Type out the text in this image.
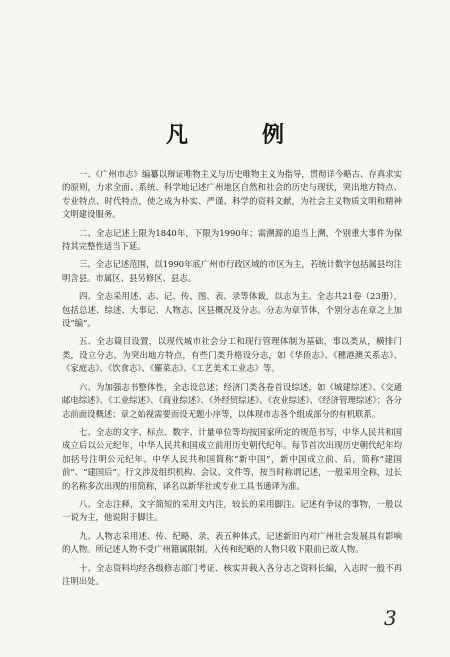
凡　例

一、《广州市志》编纂以辩证唯物主义与历史唯物主义为指导，贯彻详今略古、存真求实的原则，力求全面、系统、科学地记述广州地区自然和社会的历史与现状，突出地方特点、专业特点、时代特点，使之成为朴实、严谨、科学的资料文献，为社会主义物质文明和精神文明建设服务。

二、全志记述上限为1840年，下限为1990年；需溯源的追当上溯，个别重大事件为保持其完整性适当下延。

三、全志记述范围，以1990年底广州市行政区域的市区为主，若统计数字包括属县均注明含县。市属区、县另修区、县志。

四、全志采用述、志、记、传、图、表、录等体裁，以志为主。全志共21卷（23册），包括总述、综述、大事记、人物志、区县概况及分志。分志为章节体，个别分志在章之上加设“编”。

五、全志篇目设置，以现代城市社会分工和现行管理体制为基础，事以类从，横排门类，设立分志。为突出地方特点，有些门类升格设分志，如《华侨志》、《穗港澳关系志》、《家庭志》、《饮食志》、《羅菜志》、《工艺美术工业志》等。

六、为加强志书整体性，全志设总述；经济门类各卷首设综述，如《城建综述》、《交通邮电综述》、《工业综述》、《商业综述》、《外经贸综述》、《农业综述》、《经济管理综述》；各分志前面设概述；章之始视需要而设无题小序等，以体现市志各个组成部分的有机联系。

七、全志的文字、标点、数字、计量单位等均按国家所定的规范书写，中华人民共和国成立后以公元纪年，中华人民共和国成立前用历史朝代纪年。每节首次出现历史朝代纪年均加括号注明公元纪年。中华人民共和国简称“新中国”，新中国成立前、后，简称“建国前”、“建国后”。行文涉及组织机构、会议、文件等，按当时称谓记述，一般采用全称，过长的名称多次出现的用简称，译名以新华社或专业工具书通译为准。

八、全志注释，文字简短的采用文内注，较长的采用脚注。记述有争议的事物，一般以一说为主，他说附于脚注。

九、人物志采用述、传、纪略、录、表五种体式，记述新旧内对广州社会发展具有影响的人物。所记述人物不受广州籍属限制。入传和纪略的人物只收下限前已故人物。

十、全志资料均经各级修志部门考证、核实并载入各分志之资料长编，入志时一般不再注明出处。

3
